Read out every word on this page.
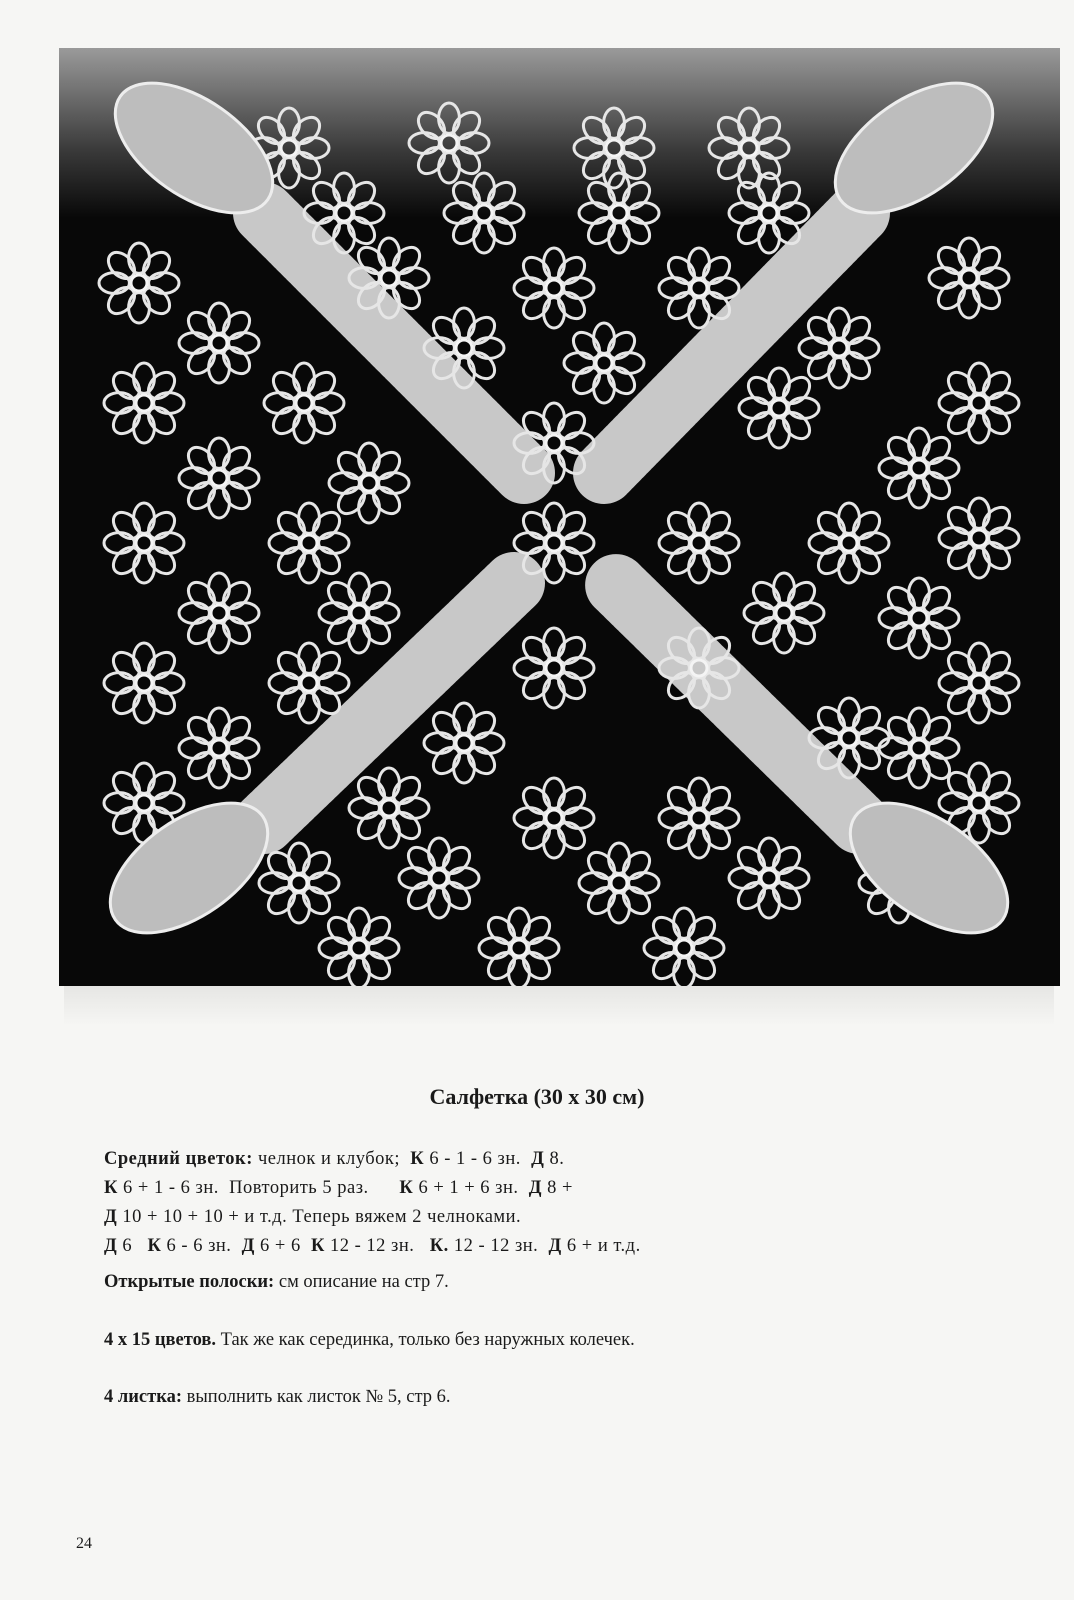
Салфетка (30 х 30 см)
Средний цветок: челнок и клубок;  К 6 - 1 - 6 зн.  Д 8.
К 6 + 1 - 6 зн.  Повторить 5 раз.      К 6 + 1 + 6 зн.  Д 8 +
Д 10 + 10 + 10 + и т.д. Теперь вяжем 2 челноками.
Д 6   К 6 - 6 зн.  Д 6 + 6  К 12 - 12 зн.   К. 12 - 12 зн.  Д 6 + и т.д.
Открытые полоски: см описание на стр 7.
4 х 15 цветов. Так же как серединка, только без наружных колечек.
4 листка: выполнить как листок № 5, стр 6.
24
